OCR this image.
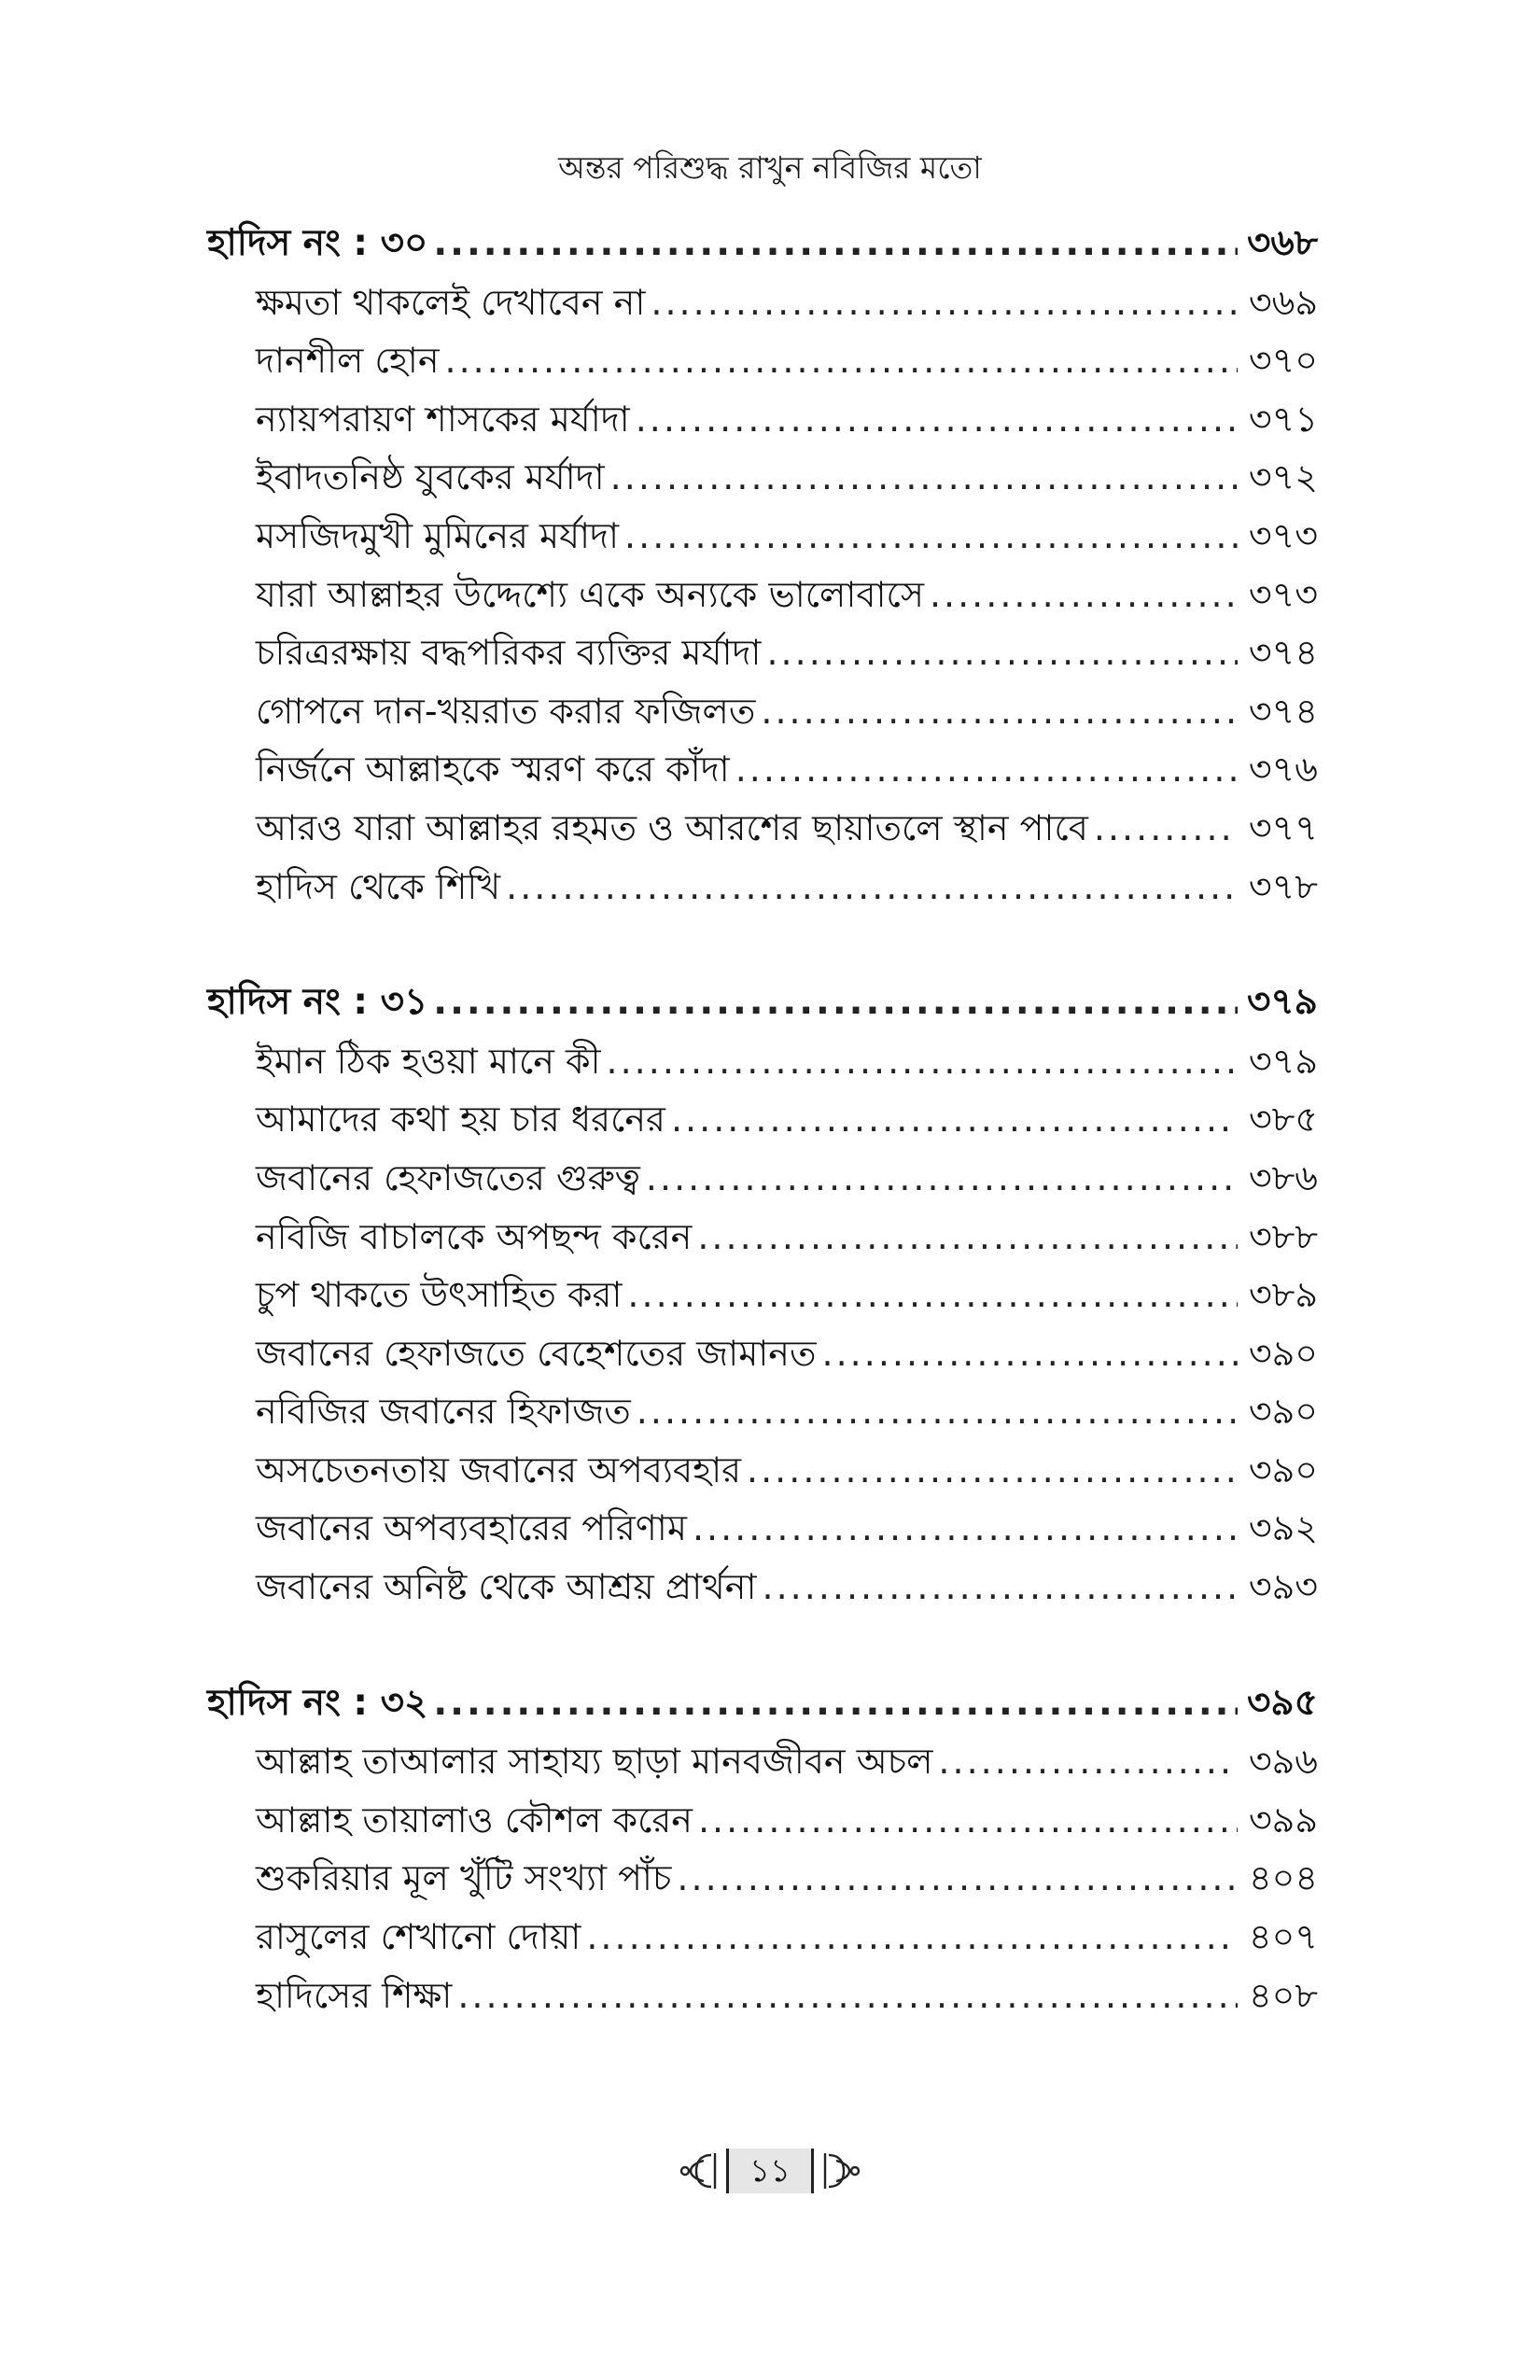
অন্তর পরিশুদ্ধ রাখুন নবিজির মতো
হাদিস নং : ৩০ .....	৩৬৮
ক্ষমতা থাকলেই দেখাবেন না .....	৩৬৯
দানশীল হোন .....	৩৭০
ন্যায়পরায়ণ শাসকের মর্যাদা .....	৩৭১
ইবাদতনিষ্ঠ যুবকের মর্যাদা .....	৩৭২
মসজিদমুখী মুমিনের মর্যাদা .....	৩৭৩
যারা আল্লাহর উদ্দেশ্যে একে অন্যকে ভালোবাসে .....	৩৭৩
চরিত্ররক্ষায় বদ্ধপরিকর ব্যক্তির মর্যাদা .....	৩৭৪
গোপনে দান-খয়রাত করার ফজিলত .....	৩৭৪
নির্জনে আল্লাহকে স্মরণ করে কাঁদা .....	৩৭৬
আরও যারা আল্লাহর রহমত ও আরশের ছায়াতলে স্থান পাবে .....	৩৭৭
হাদিস থেকে শিখি .....	৩৭৮
হাদিস নং : ৩১ .....	৩৭৯
ইমান ঠিক হওয়া মানে কী .....	৩৭৯
আমাদের কথা হয় চার ধরনের .....	৩৮৫
জবানের হেফাজতের গুরুত্ব .....	৩৮৬
নবিজি বাচালকে অপছন্দ করেন .....	৩৮৮
চুপ থাকতে উৎসাহিত করা .....	৩৮৯
জবানের হেফাজতে বেহেশতের জামানত .....	৩৯০
নবিজির জবানের হিফাজত .....	৩৯০
অসচেতনতায় জবানের অপব্যবহার .....	৩৯০
জবানের অপব্যবহারের পরিণাম .....	৩৯২
জবানের অনিষ্ট থেকে আশ্রয় প্রার্থনা .....	৩৯৩
হাদিস নং : ৩২ .....	৩৯৫
আল্লাহ তাআলার সাহায্য ছাড়া মানবজীবন অচল .....	৩৯৬
আল্লাহ তায়ালাও কৌশল করেন .....	৩৯৯
শুকরিয়ার মূল খুঁটি সংখ্যা পাঁচ .....	৪০৪
রাসুলের শেখানো দোয়া .....	৪০৭
হাদিসের শিক্ষা .....	৪০৮
১১
